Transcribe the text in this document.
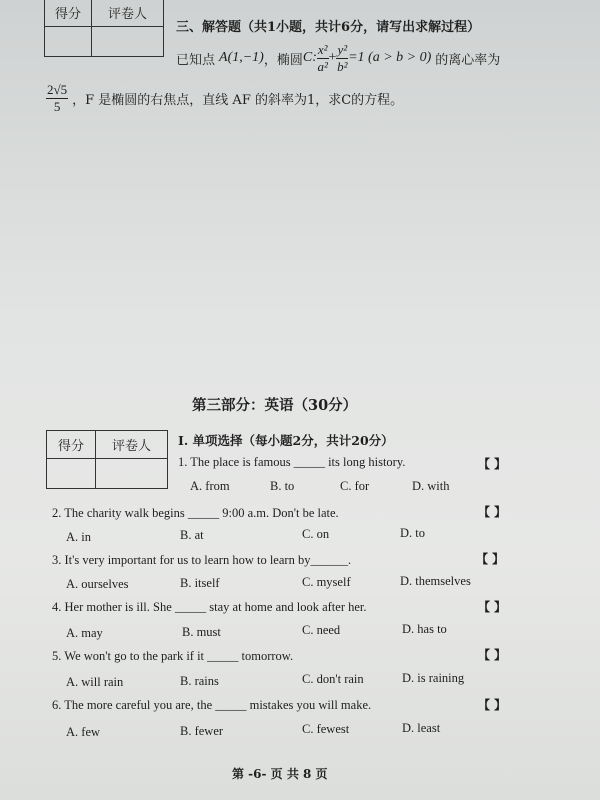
得分	评卷人

三、解答题（共1小题，共计6分，请写出求解过程）
已知点 A(1,−1) ，椭圆 C: $\frac{\text{x²}}{\text{a²}} + \frac{\text{y²}}{\text{b²}} =1$ (a > b > 0) 的离心率为
$\frac{2√5}{5}$ ，F 是椭圆的右焦点，直线 AF 的斜率为1，求C的方程。
第三部分：英语（30分）
得分	评卷人
	I. 单项选择（每小题2分，共计20分）
1. The place is famous _____ its long history.	【 】
A. from	B. to	C. for	D. with
2. The charity walk begins _____ 9:00 a.m. Don't be late.	【 】
A. in	B. at	C. on	D. to
3. It's very important for us to learn how to learn by______.	【 】
A. ourselves	B. itself	C. myself	D. themselves
4. Her mother is ill. She _____ stay at home and look after her.	【 】
A. may	B. must	C. need	D. has to
5. We won't go to the park if it _____ tomorrow.	【 】
A. will rain	B. rains	C. don't rain	D. is raining
6. The more careful you are, the _____ mistakes you will make.	【 】
A. few	B. fewer	C. fewest	D. least
第 -6- 页 共 8 页
